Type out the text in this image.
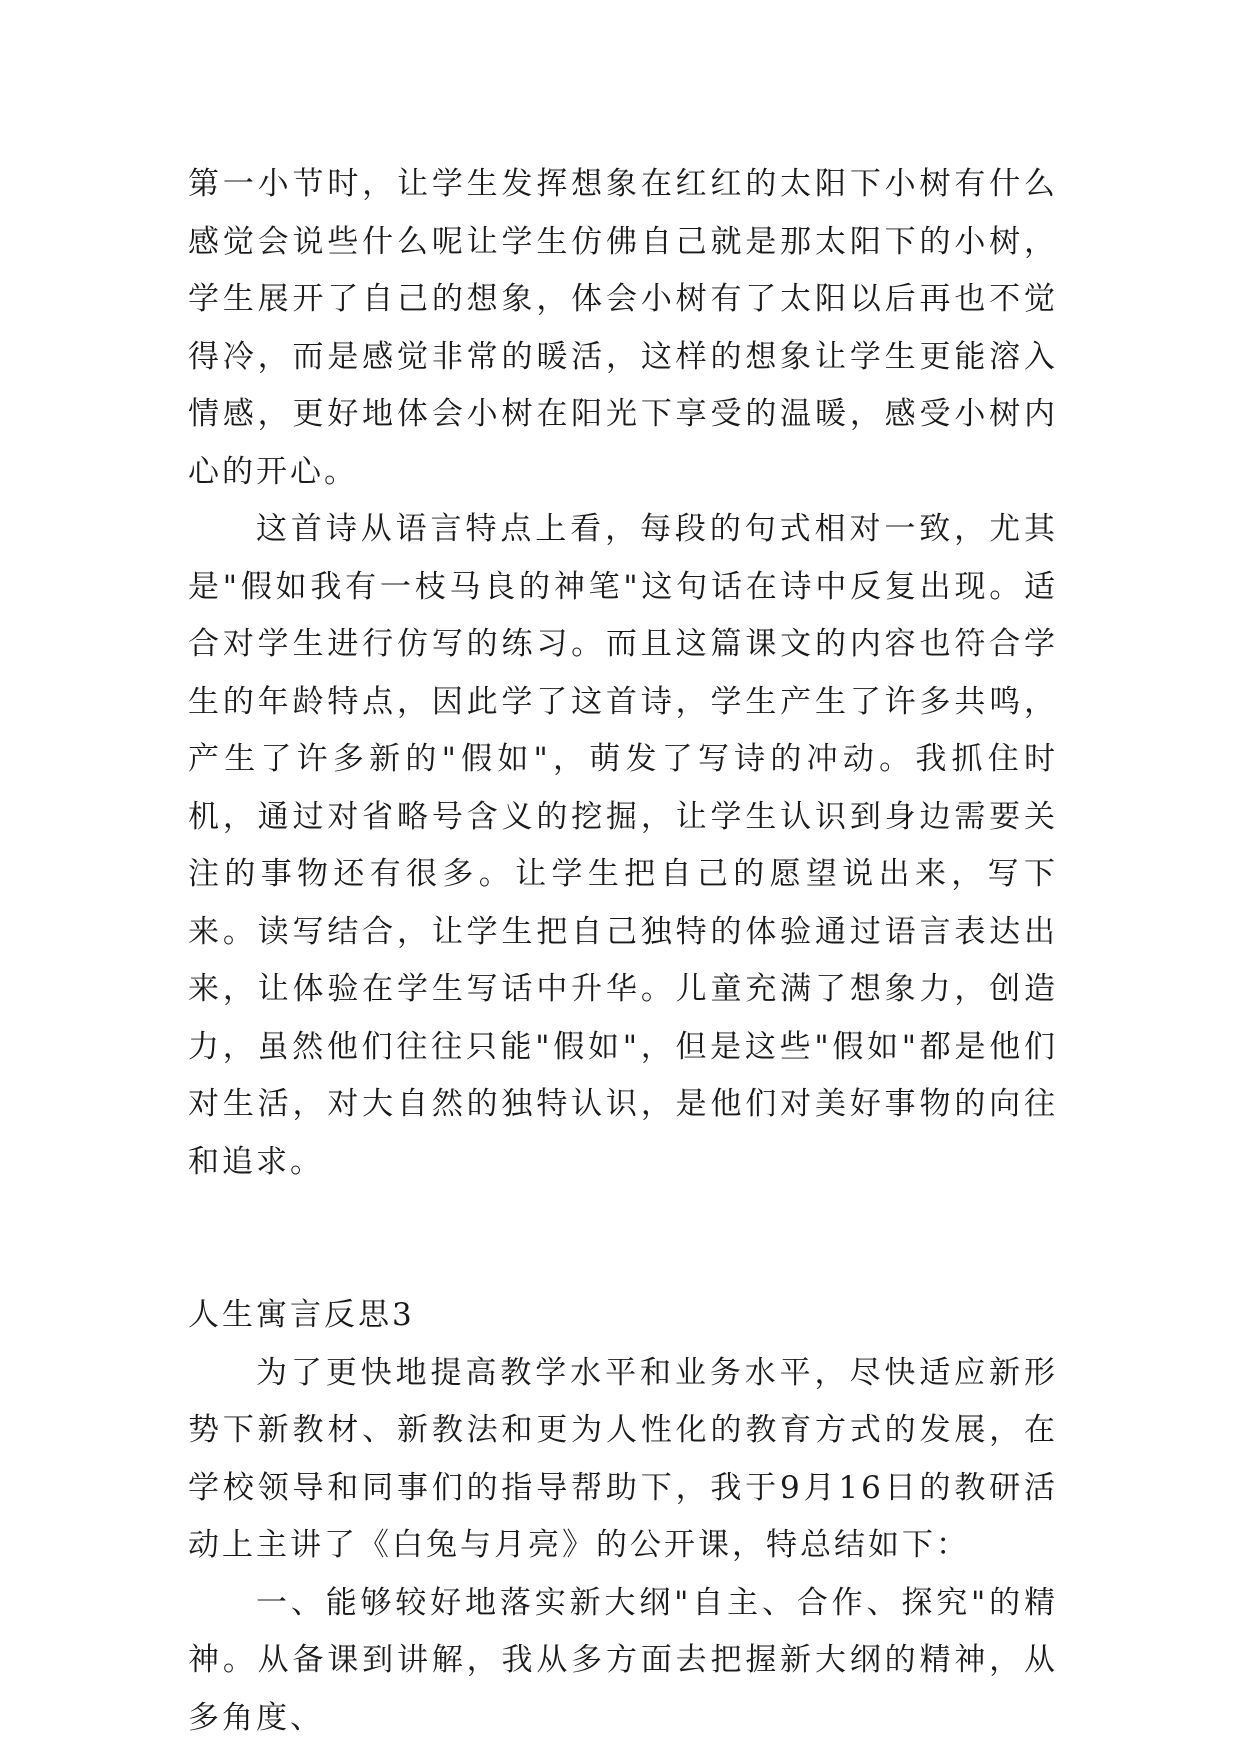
第一小节时，让学生发挥想象在红红的太阳下小树有什么感觉会说些什么呢让学生仿佛自己就是那太阳下的小树，学生展开了自己的想象，体会小树有了太阳以后再也不觉得冷，而是感觉非常的暖活，这样的想象让学生更能溶入情感，更好地体会小树在阳光下享受的温暖，感受小树内心的开心。

这首诗从语言特点上看，每段的句式相对一致，尤其是"假如我有一枝马良的神笔"这句话在诗中反复出现。适合对学生进行仿写的练习。而且这篇课文的内容也符合学生的年龄特点，因此学了这首诗，学生产生了许多共鸣，产生了许多新的"假如"，萌发了写诗的冲动。我抓住时机，通过对省略号含义的挖掘，让学生认识到身边需要关注的事物还有很多。让学生把自己的愿望说出来，写下来。读写结合，让学生把自己独特的体验通过语言表达出来，让体验在学生写话中升华。儿童充满了想象力，创造力，虽然他们往往只能"假如"，但是这些"假如"都是他们对生活，对大自然的独特认识，是他们对美好事物的向往和追求。

人生寓言反思3

为了更快地提高教学水平和业务水平，尽快适应新形势下新教材、新教法和更为人性化的教育方式的发展，在学校领导和同事们的指导帮助下，我于9月16日的教研活动上主讲了《白兔与月亮》的公开课，特总结如下：

一、能够较好地落实新大纲"自主、合作、探究"的精神。从备课到讲解，我从多方面去把握新大纲的精神，从多角度、
